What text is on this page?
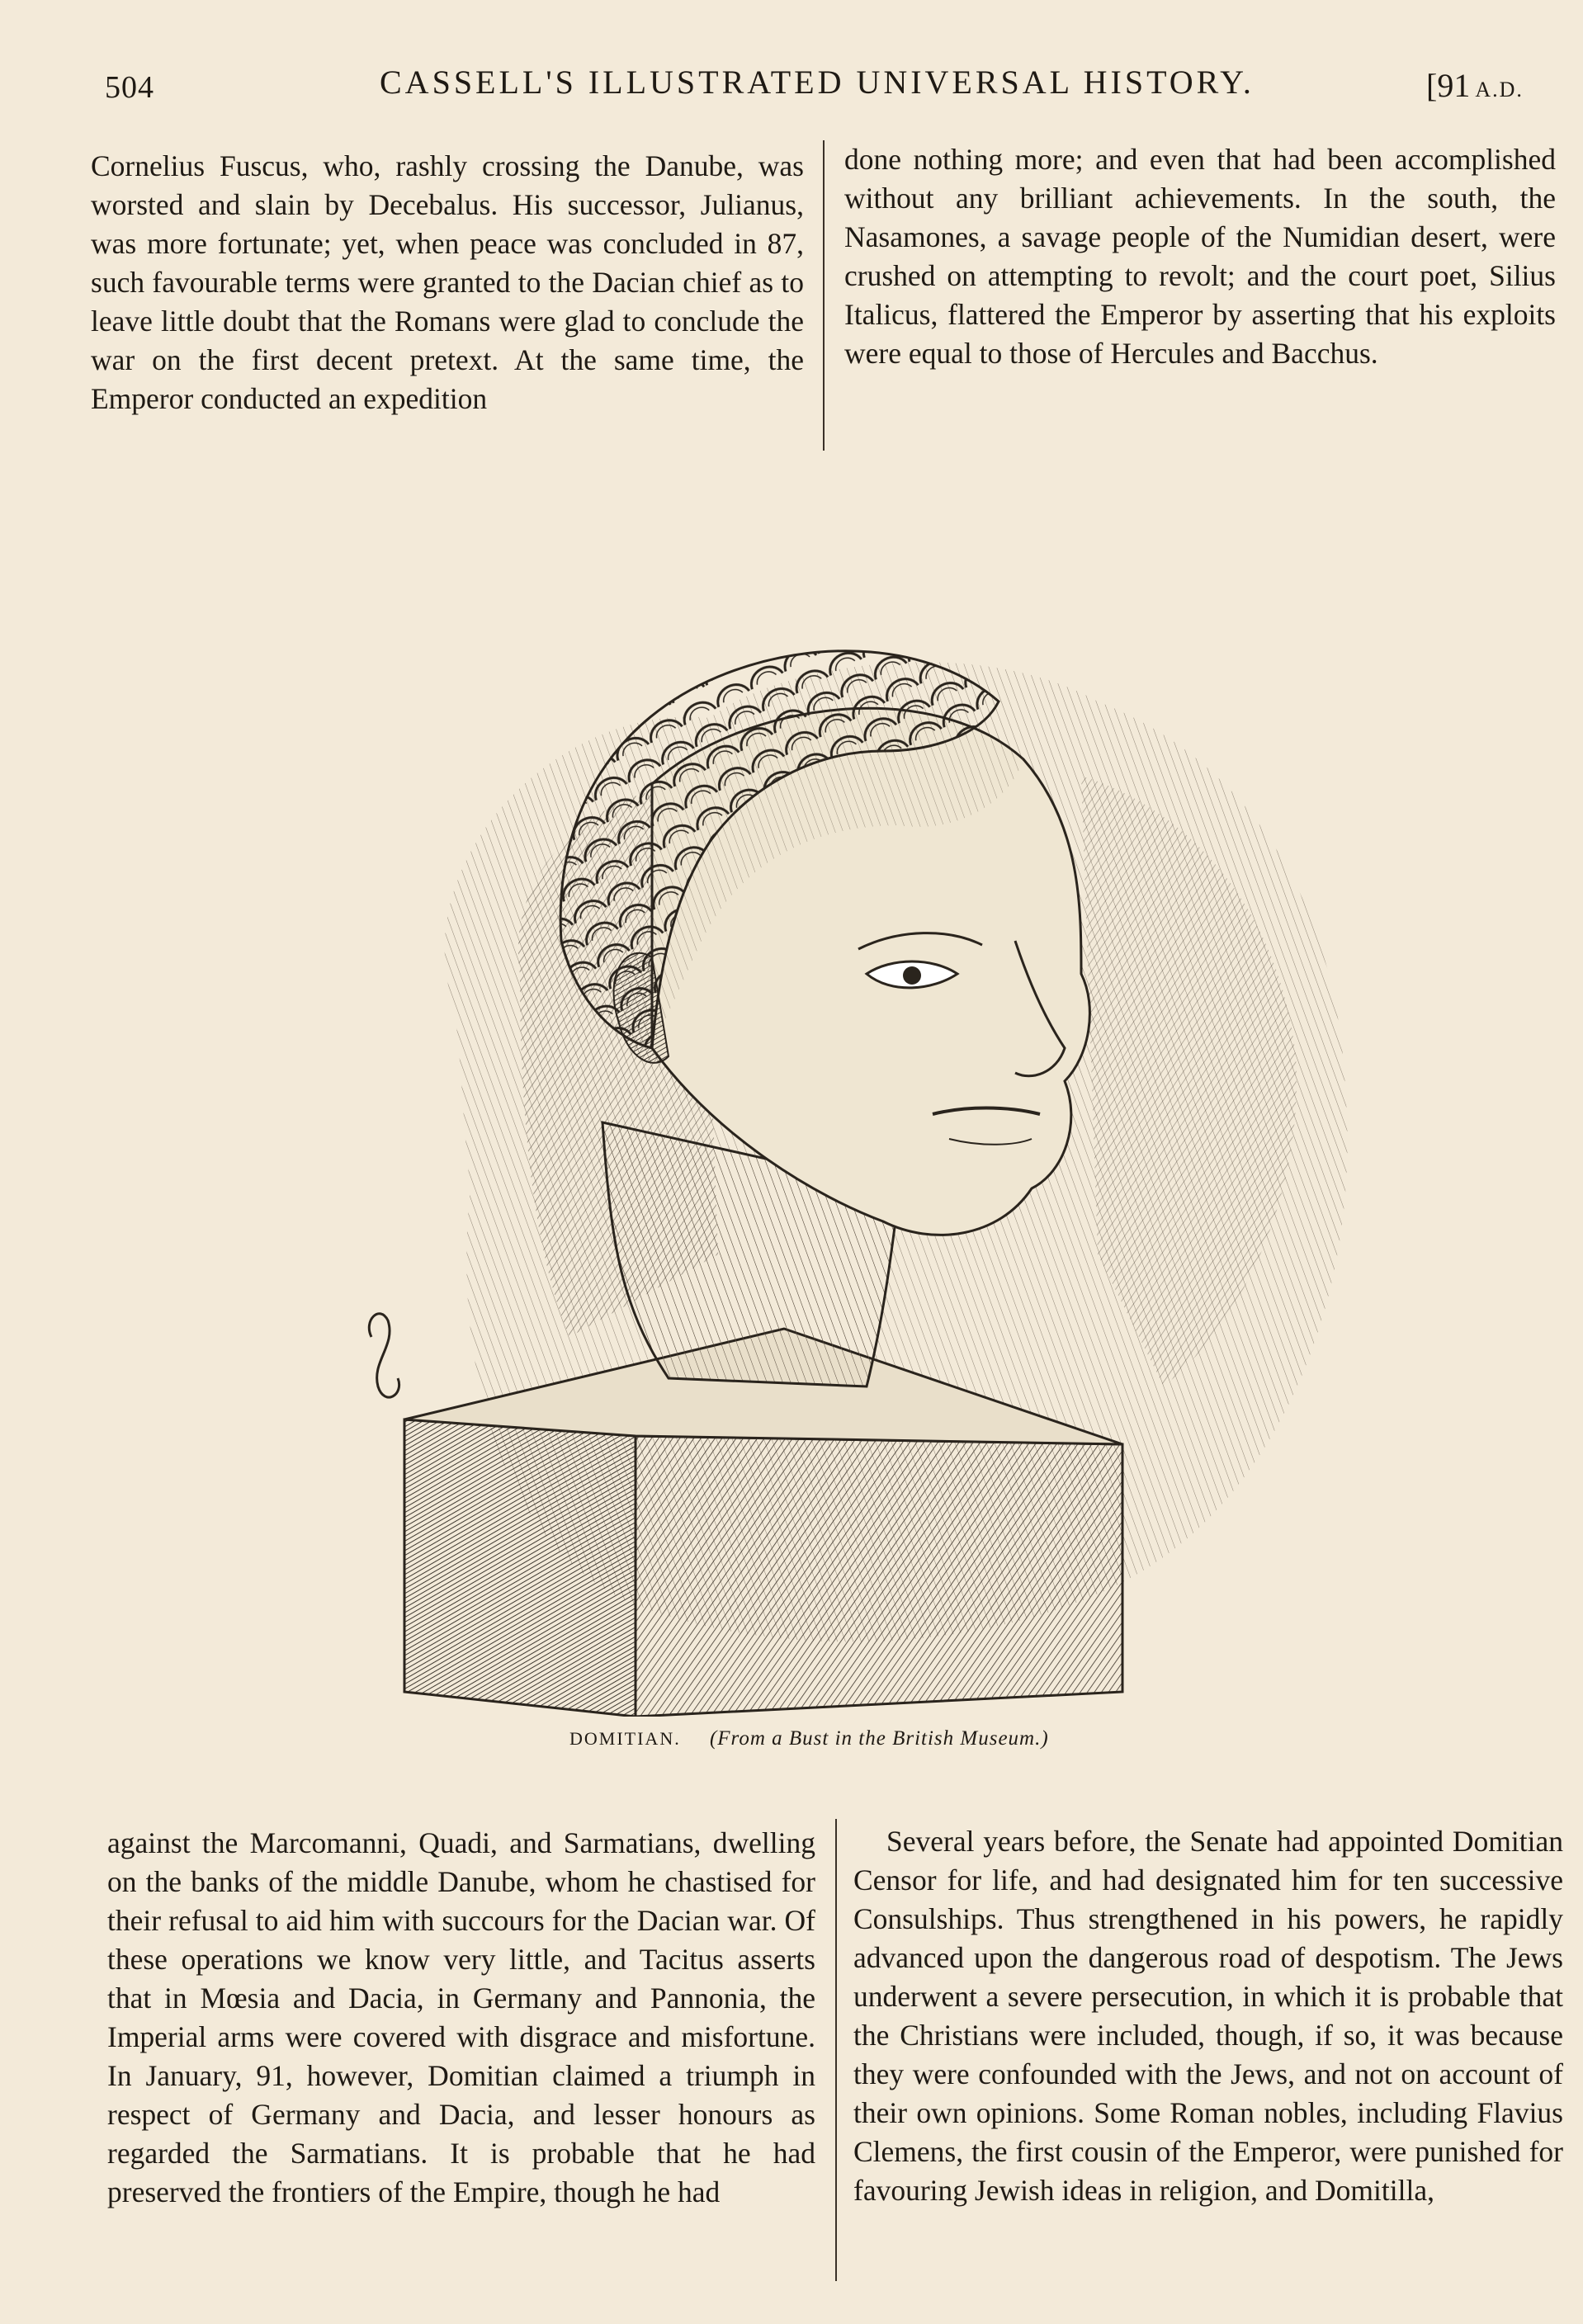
504	CASSELL'S ILLUSTRATED UNIVERSAL HISTORY.	[91 A.D.

Cornelius Fuscus, who, rashly crossing the Danube, was worsted and slain by Decebalus. His successor, Julianus, was more fortunate; yet, when peace was concluded in 87, such favourable terms were granted to the Dacian chief as to leave little doubt that the Romans were glad to conclude the war on the first decent pretext. At the same time, the Emperor conducted an expedition

done nothing more; and even that had been accomplished without any brilliant achievements. In the south, the Nasamones, a savage people of the Numidian desert, were crushed on attempting to revolt; and the court poet, Silius Italicus, flattered the Emperor by asserting that his exploits were equal to those of Hercules and Bacchus.

DOMITIAN. (From a Bust in the British Museum.)

against the Marcomanni, Quadi, and Sarmatians, dwelling on the banks of the middle Danube, whom he chastised for their refusal to aid him with succours for the Dacian war. Of these operations we know very little, and Tacitus asserts that in Mœsia and Dacia, in Germany and Pannonia, the Imperial arms were covered with disgrace and misfortune. In January, 91, however, Domitian claimed a triumph in respect of Germany and Dacia, and lesser honours as regarded the Sarmatians. It is probable that he had preserved the frontiers of the Empire, though he had

Several years before, the Senate had appointed Domitian Censor for life, and had designated him for ten successive Consulships. Thus strengthened in his powers, he rapidly advanced upon the dangerous road of despotism. The Jews underwent a severe persecution, in which it is probable that the Christians were included, though, if so, it was because they were confounded with the Jews, and not on account of their own opinions. Some Roman nobles, including Flavius Clemens, the first cousin of the Emperor, were punished for favouring Jewish ideas in religion, and Domitilla,
